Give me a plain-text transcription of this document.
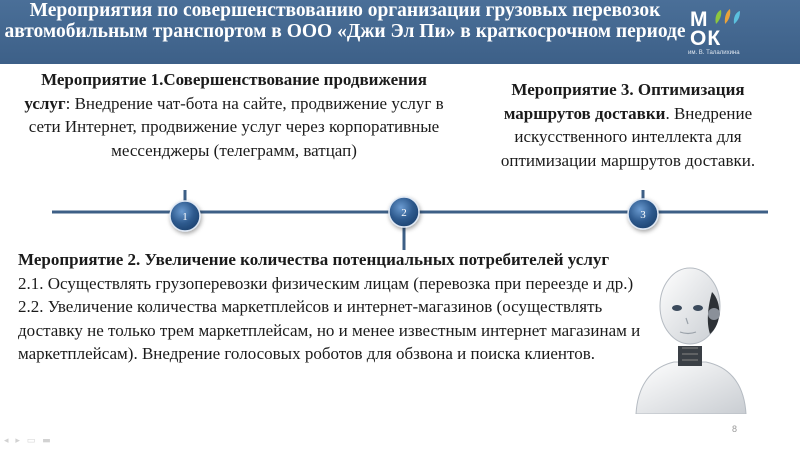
Мероприятия по совершенствованию организации грузовых перевозок автомобильным транспортом в ООО «Джи Эл Пи» в краткосрочном периоде
М
ОК
им. В. Талалихина
Мероприятие 1.Совершенствование продвижения услуг: Внедрение чат-бота на сайте, продвижение услуг в сети Интернет, продвижение услуг через корпоративные мессенджеры (телеграмм, ватцап)
Мероприятие 3. Оптимизация маршрутов доставки. Внедрение искусственного интеллекта для оптимизации маршрутов доставки.
1	2	3
Мероприятие 2. Увеличение количества потенциальных потребителей услуг
2.1. Осуществлять грузоперевозки физическим лицам (перевозка при переезде и др.)
2.2. Увеличение количества маркетплейсов и интернет-магазинов (осуществлять доставку не только трем маркетплейсам, но и менее известным интернет магазинам и маркетплейсам). Внедрение голосовых роботов для обзвона и поиска клиентов.
8
◂ ▸ ▭ ▬
